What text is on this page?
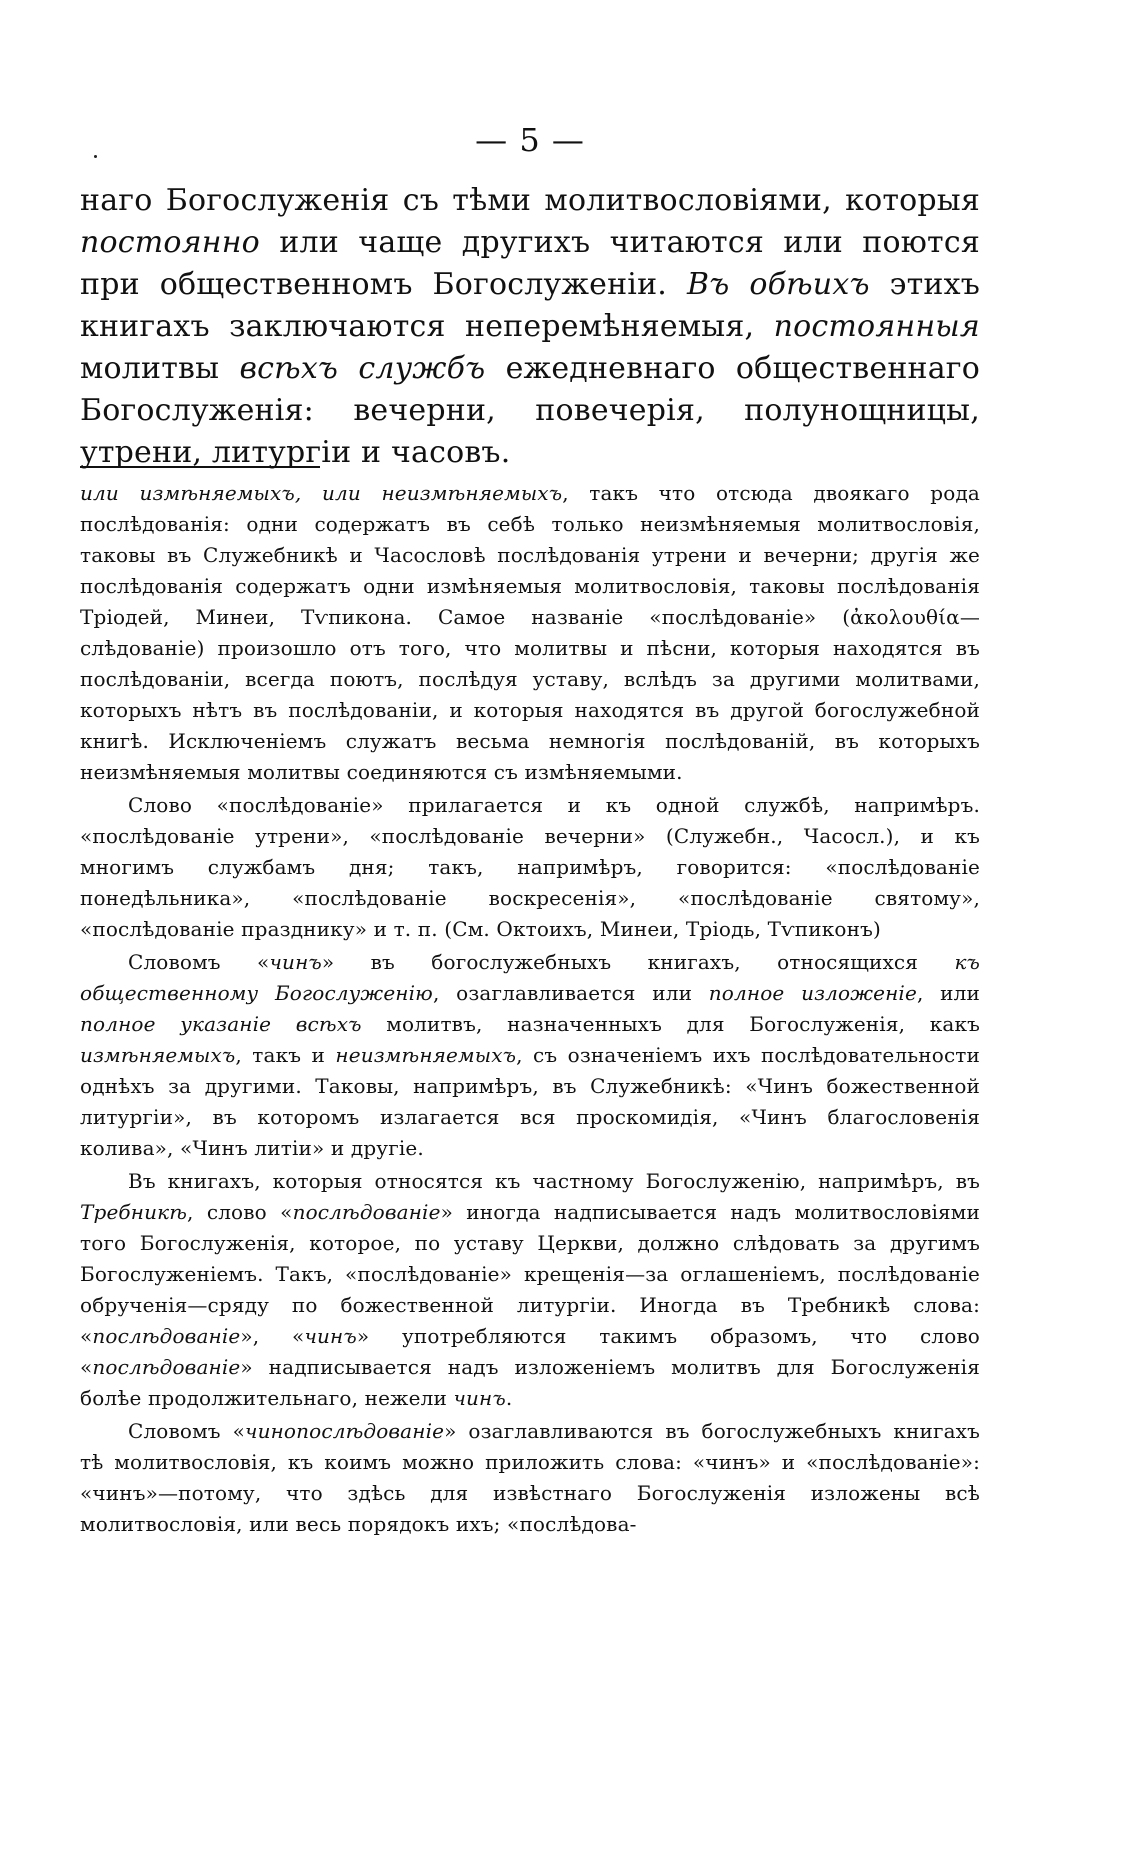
— 5 —

наго Богослуженія съ тѣми молитвословіями, которыя постоянно или чаще другихъ читаются или поются при общественномъ Богослуженіи. Въ обѣихъ этихъ книгахъ заключаются неперемѣняемыя, постоянныя молитвы всѣхъ службъ ежедневнаго общественнаго Богослуженія: вечерни, повечерія, полунощницы, утрени, литургіи и часовъ.

или измѣняемыхъ, или неизмѣняемыхъ, такъ что отсюда двоякаго рода послѣдованія: одни содержатъ въ себѣ только неизмѣняемыя молитвословія, таковы въ Служебникѣ и Часословѣ послѣдованія утрени и вечерни; другія же послѣдованія содержатъ одни измѣняемыя молитвословія, таковы послѣдованія Тріодей, Минеи, Тѵпикона. Самое названіе «послѣдованіе» (ἀκολουθία—слѣдованіе) произошло отъ того, что молитвы и пѣсни, которыя находятся въ послѣдованіи, всегда поютъ, послѣдуя уставу, вслѣдъ за другими молитвами, которыхъ нѣтъ въ послѣдованіи, и которыя находятся въ другой богослужебной книгѣ. Исключеніемъ служатъ весьма немногія послѣдованій, въ которыхъ неизмѣняемыя молитвы соединяются съ измѣняемыми.

Слово «послѣдованіе» прилагается и къ одной службѣ, напримѣръ. «послѣдованіе утрени», «послѣдованіе вечерни» (Служебн., Часосл.), и къ многимъ службамъ дня; такъ, напримѣръ, говорится: «послѣдованіе понедѣльника», «послѣдованіе воскресенія», «послѣдованіе святому», «послѣдованіе празднику» и т. п. (См. Октоихъ, Минеи, Тріодь, Тѵпиконъ)

Словомъ «чинъ» въ богослужебныхъ книгахъ, относящихся къ общественному Богослуженію, озаглавливается или полное изложеніе, или полное указаніе всѣхъ молитвъ, назначенныхъ для Богослуженія, какъ измѣняемыхъ, такъ и неизмѣняемыхъ, съ означеніемъ ихъ послѣдовательности однѣхъ за другими. Таковы, напримѣръ, въ Служебникѣ: «Чинъ божественной литургіи», въ которомъ излагается вся проскомидія, «Чинъ благословенія колива», «Чинъ литіи» и другіе.

Въ книгахъ, которыя относятся къ частному Богослуженію, напримѣръ, въ Требникѣ, слово «послѣдованіе» иногда надписывается надъ молитвословіями того Богослуженія, которое, по уставу Церкви, должно слѣдовать за другимъ Богослуженіемъ. Такъ, «послѣдованіе» крещенія—за оглашеніемъ, послѣдованіе обрученія—сряду по божественной литургіи. Иногда въ Требникѣ слова: «послѣдованіе», «чинъ» употребляются такимъ образомъ, что слово «послѣдованіе» надписывается надъ изложеніемъ молитвъ для Богослуженія болѣе продолжительнаго, нежели чинъ.

Словомъ «чинопослѣдованіе» озаглавливаются въ богослужебныхъ книгахъ тѣ молитвословія, къ коимъ можно приложить слова: «чинъ» и «послѣдованіе»: «чинъ»—потому, что здѣсь для извѣстнаго Богослуженія изложены всѣ молитвословія, или весь порядокъ ихъ; «послѣдова-
